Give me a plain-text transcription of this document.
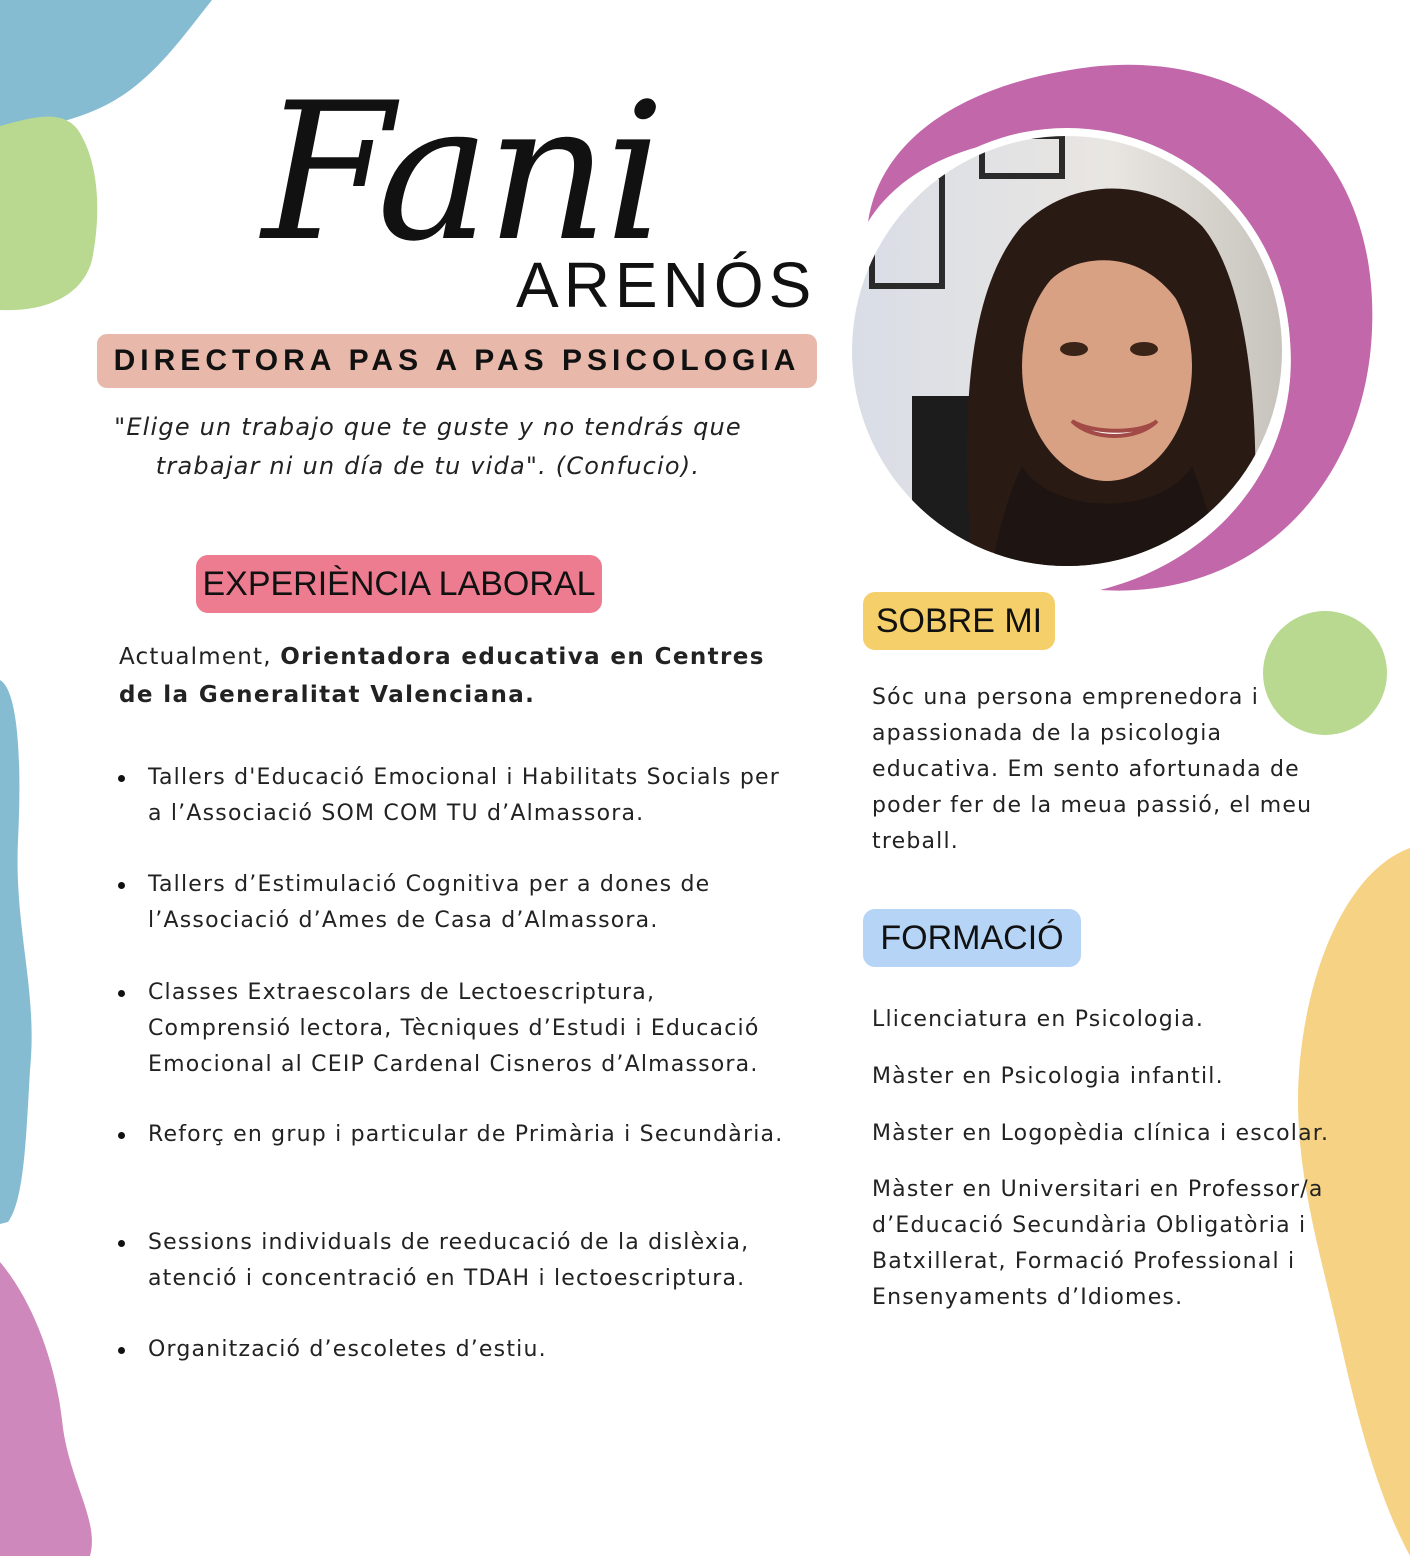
Fani
ARENÓS
DIRECTORA PAS A PAS PSICOLOGIA
"Elige un trabajo que te guste y no tendrás que
trabajar ni un día de tu vida". (Confucio).
EXPERIÈNCIA LABORAL
Actualment, Orientadora educativa en Centres de la Generalitat Valenciana.
Tallers d'Educació Emocional i Habilitats Socials per a l’Associació SOM COM TU d’Almassora.
Tallers d’Estimulació Cognitiva per a dones de l’Associació d’Ames de Casa d’Almassora.
Classes Extraescolars de Lectoescriptura, Comprensió lectora, Tècniques d’Estudi i Educació Emocional al CEIP Cardenal Cisneros d’Almassora.
Reforç en grup i particular de Primària i Secundària.
Sessions individuals de reeducació de la dislèxia, atenció i concentració en TDAH i lectoescriptura.
Organització d’escoletes d’estiu.
SOBRE MI
Sóc una persona emprenedora i apassionada de la psicologia educativa. Em sento afortunada de poder fer de la meua passió, el meu treball.
FORMACIÓ
Llicenciatura en Psicologia.
Màster en Psicologia infantil.
Màster en Logopèdia clínica i escolar.
Màster en Universitari en Professor/a d’Educació Secundària Obligatòria i Batxillerat, Formació Professional i Ensenyaments d’Idiomes.
